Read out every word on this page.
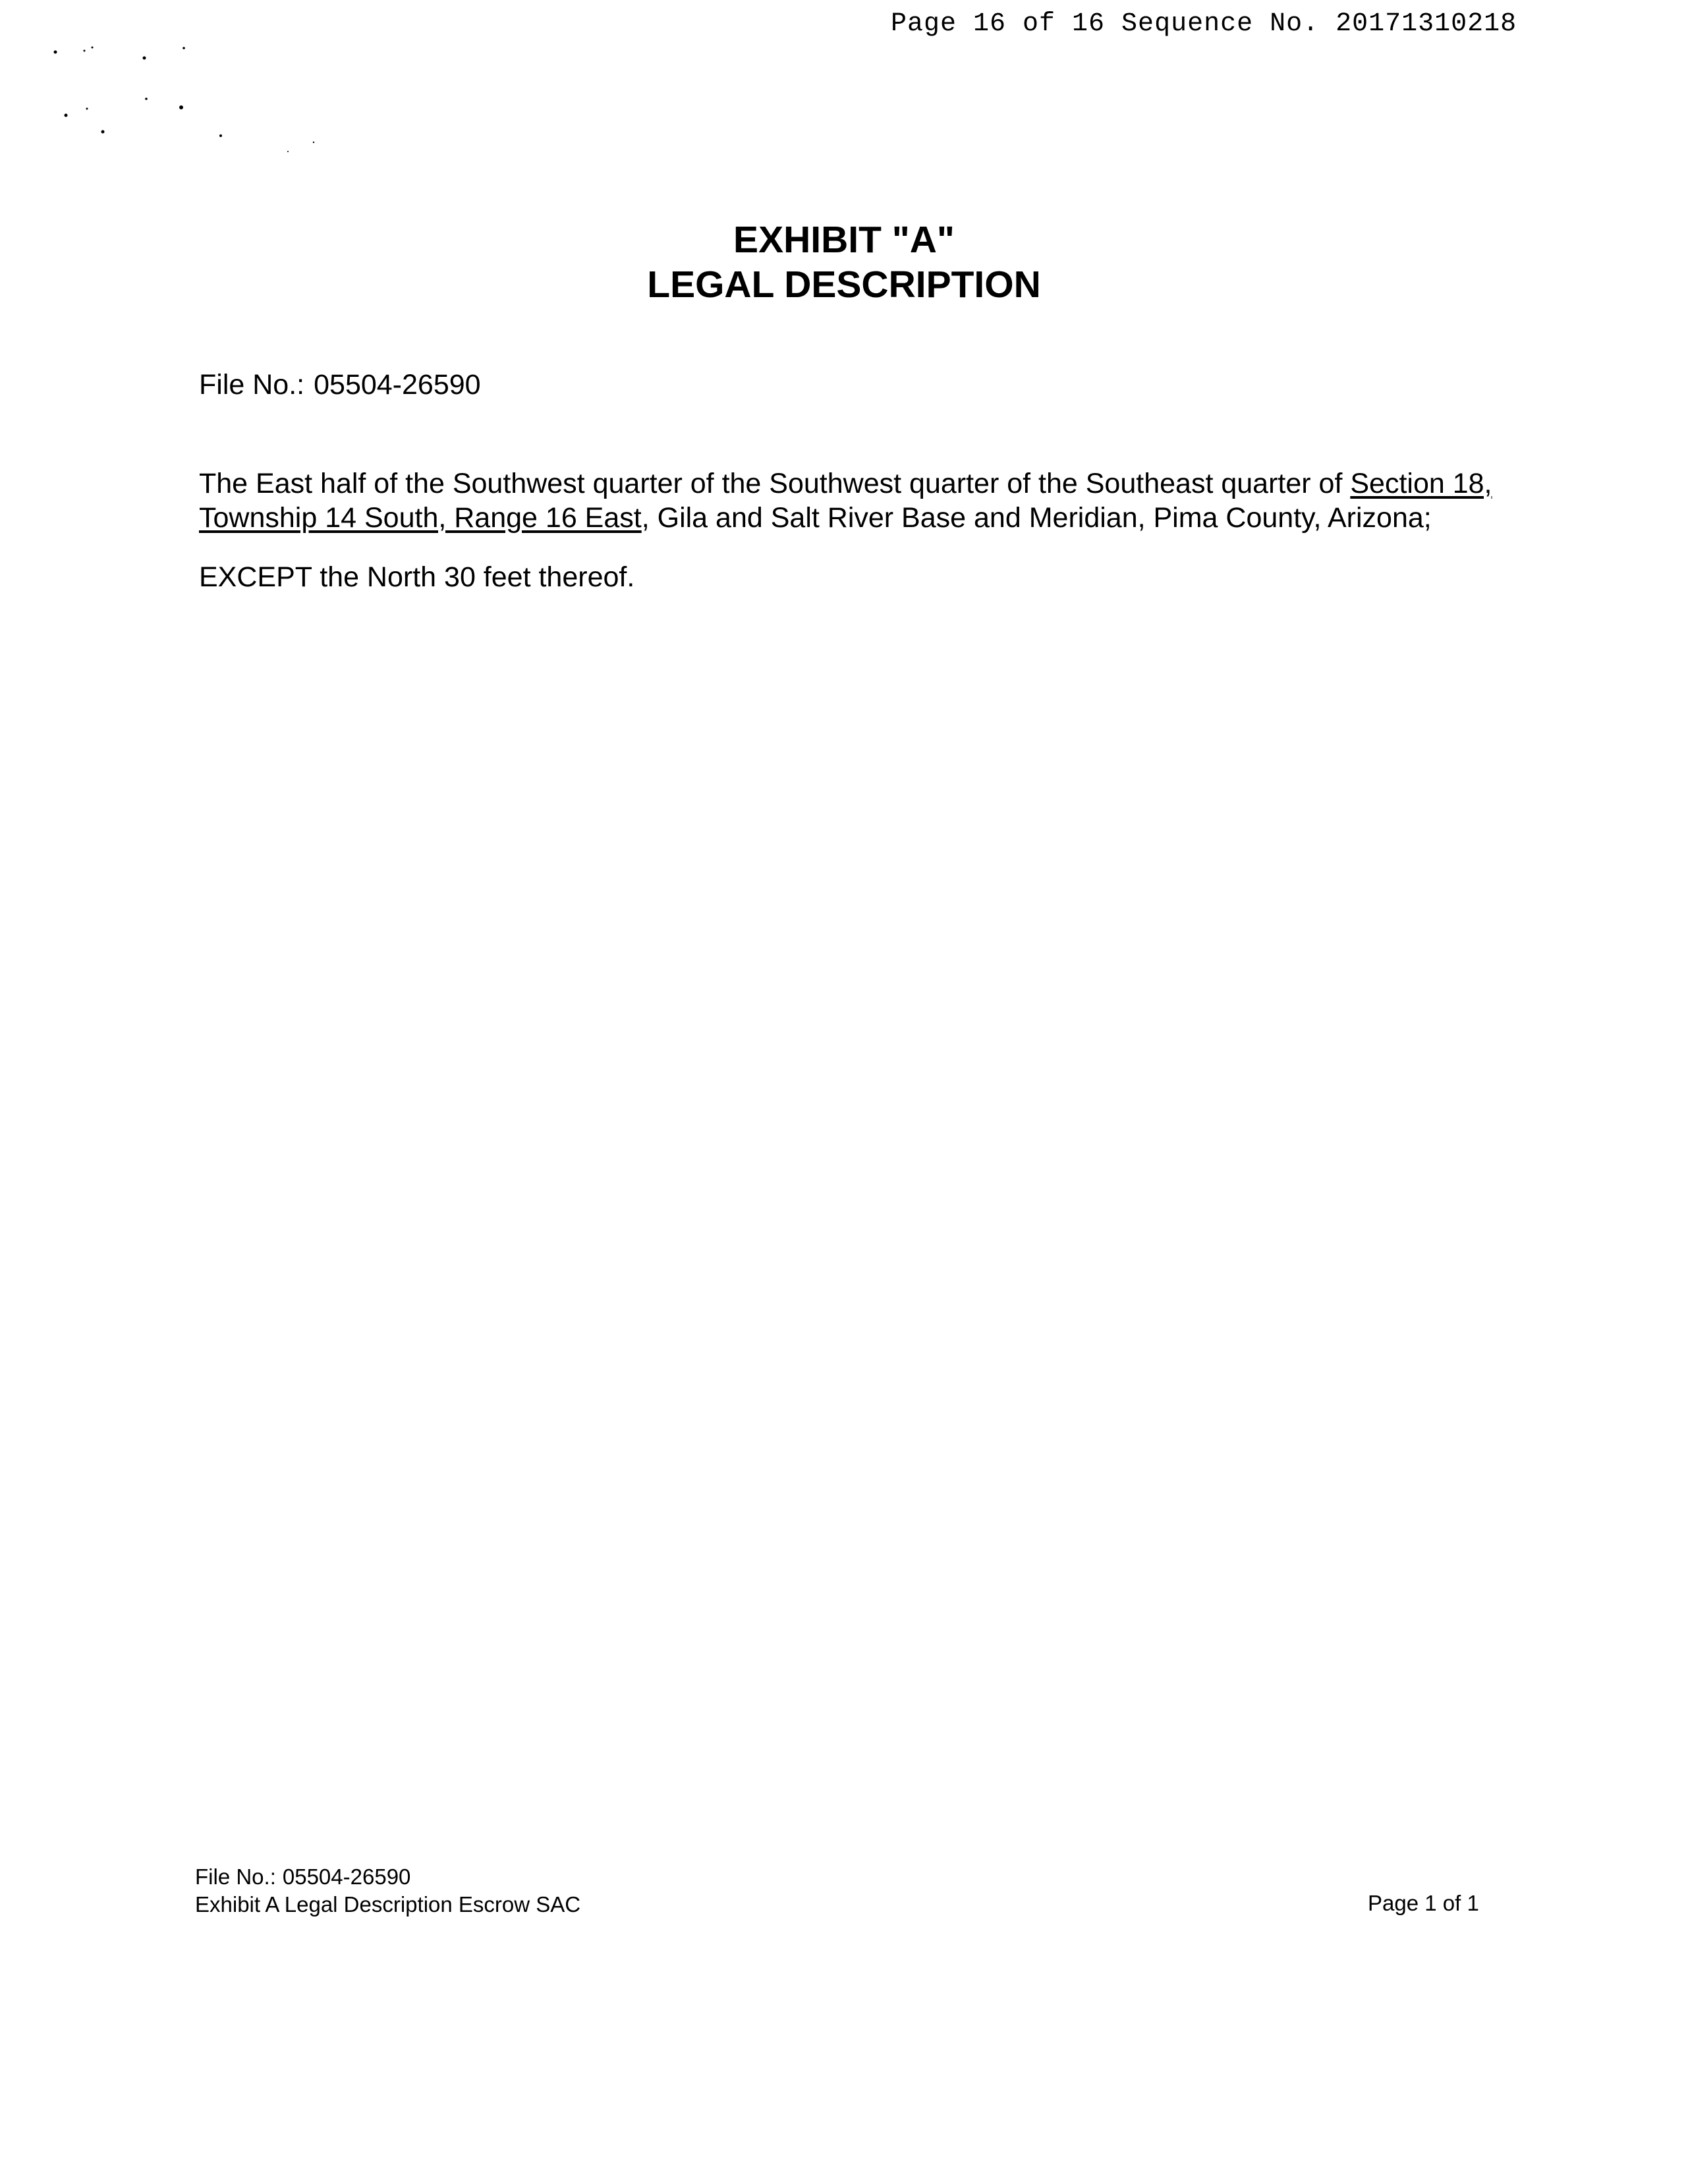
Page 16 of 16 Sequence No. 20171310218
EXHIBIT "A"
LEGAL DESCRIPTION
File No.: 05504-26590
The East half of the Southwest quarter of the Southwest quarter of the Southeast quarter of Section 18,
Township 14 South, Range 16 East, Gila and Salt River Base and Meridian, Pima County, Arizona;
EXCEPT the North 30 feet thereof.
File No.: 05504-26590
Exhibit A Legal Description Escrow SAC	Page 1 of 1
